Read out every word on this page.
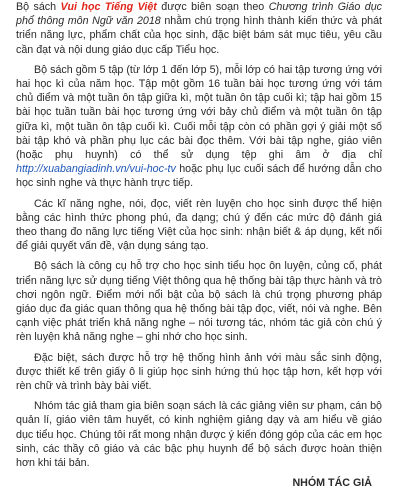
Bộ sách Vui học Tiếng Việt được biên soạn theo Chương trình Giáo dục phổ thông môn Ngữ văn 2018 nhằm chú trọng hình thành kiến thức và phát triển năng lực, phẩm chất của học sinh, đặc biệt bám sát mục tiêu, yêu cầu cần đạt và nội dung giáo dục cấp Tiểu học.

Bộ sách gồm 5 tập (từ lớp 1 đến lớp 5), mỗi lớp có hai tập tương ứng với hai học kì của năm học. Tập một gồm 16 tuần bài học tương ứng với tám chủ điểm và một tuần ôn tập giữa kì, một tuần ôn tập cuối kì; tập hai gồm 15 bài học tuần tuần bài học tương ứng với bảy chủ điểm và một tuần ôn tập giữa kì, một tuần ôn tập cuối kì. Cuối mỗi tập còn có phần gợi ý giải một số bài tập khó và phần phụ lục các bài đọc thêm. Với bài tập nghe, giáo viên (hoặc phụ huynh) có thể sử dụng tệp ghi âm ở địa chỉ http://xuabangiadinh.vn/vui-hoc-tv hoặc phụ lục cuối sách để hướng dẫn cho học sinh nghe và thực hành trực tiếp.

Các kĩ năng nghe, nói, đọc, viết rèn luyện cho học sinh được thể hiện bằng các hình thức phong phú, đa dạng; chú ý đến các mức độ đánh giá theo thang đo năng lực tiếng Việt của học sinh: nhận biết & áp dụng, kết nối để giải quyết vấn đề, vận dụng sáng tạo.

Bộ sách là công cụ hỗ trợ cho học sinh tiểu học ôn luyện, củng cố, phát triển năng lực sử dụng tiếng Việt thông qua hệ thống bài tập thực hành và trò chơi ngôn ngữ. Điểm mới nổi bật của bộ sách là chú trọng phương pháp giáo dục đa giác quan thông qua hệ thống bài tập đọc, viết, nói và nghe. Bên cạnh việc phát triển khả năng nghe – nói tương tác, nhóm tác giả còn chú ý rèn luyện khả năng nghe – ghi nhớ cho học sinh.

Đặc biệt, sách được hỗ trợ hệ thống hình ảnh với màu sắc sinh động, được thiết kế trên giấy ô li giúp học sinh hứng thú học tập hơn, kết hợp với rèn chữ và trình bày bài viết.

Nhóm tác giả tham gia biên soạn sách là các giảng viên sư phạm, cán bộ quản lí, giáo viên tâm huyết, có kinh nghiệm giảng dạy và am hiểu về giáo dục tiểu học. Chúng tôi rất mong nhận được ý kiến đóng góp của các em học sinh, các thầy cô giáo và các bậc phụ huynh để bộ sách được hoàn thiện hơn khi tái bản.

NHÓM TÁC GIẢ
